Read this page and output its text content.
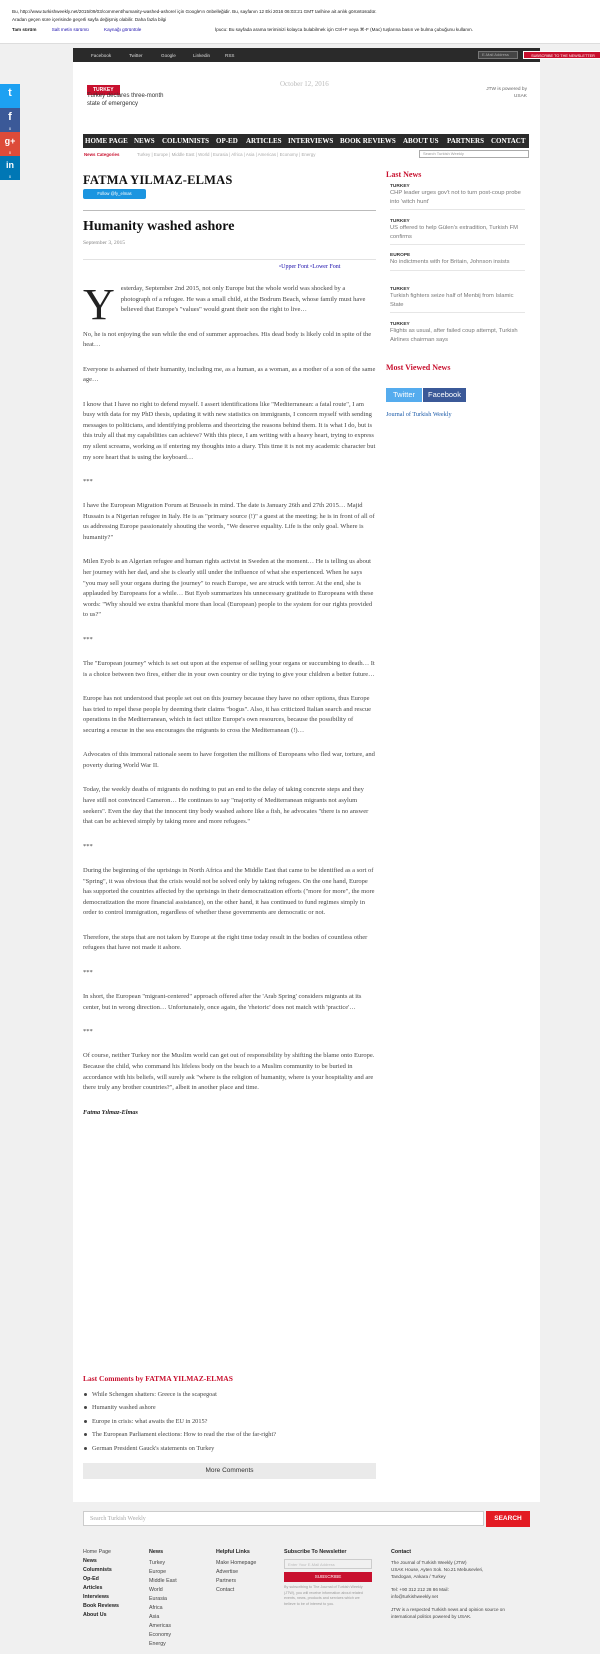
Bu, http://www.turkishweekly.net/2015/09/03/comment/humanity-washed-ashore/ için Google'ın önbelleğidir. Bu, sayfanın 12 Eki 2016 06:03:21 GMT tarihine ait anlık görüntüsüdür.
Aradan geçen süre içerisinde geçerli sayfa değişmiş olabilir. Daha fazla bilgi
Tam sürüm	Salt metin sürümü	Kaynağı görüntüle	İpucu: Bu sayfada arama teriminizi kolayca bulabilmek için Ctrl+F veya ⌘-F (Mac) tuşlarına basın ve bulma çubuğunu kullanın.
Facebook	Twitter	Google	Linkedin	RSS	E-Mail Address	SUBSCRIBE TO THE NEWSLETTER
t
f
0
g+
0
in
0
TURKEY
Turkey declares three-month state of emergency
October 12, 2016
JTW is powered by USAK
HOME PAGE NEWS COLUMNISTS OP-ED ARTICLES INTERVIEWS BOOK REVIEWS ABOUT US PARTNERS CONTACT
News Categories	Turkey | Europe | Middle East | World | Eurasia | Africa | Asia | Americas | Economy | Energy	Search Turkish Weekly
FATMA YILMAZ-ELMAS
Follow @fy_elmas
Humanity washed ashore
September 3, 2015
▫Upper Font ▫Lower Font

Yesterday, September 2nd 2015, not only Europe but the whole world was shocked by a photograph of a refugee. He was a small child, at the Bodrum Beach, whose family must have believed that Europe's "values" would grant their son the right to live…

No, he is not enjoying the sun while the end of summer approaches. His dead body is likely cold in spite of the heat…

Everyone is ashamed of their humanity, including me, as a human, as a woman, as a mother of a son of the same age…

I know that I have no right to defend myself. I assert identifications like "Mediterranean: a fatal route", I am busy with data for my PhD thesis, updating it with new statistics on immigrants, I concern myself with sending messages to politicians, and identifying problems and theorizing the reasons behind them. It is what I do, but is this truly all that my capabilities can achieve? With this piece, I am writing with a heavy heart, trying to express my silent screams, working as if entering my thoughts into a diary. This time it is not my academic character but my sore heart that is using the keyboard…

***

I have the European Migration Forum at Brussels in mind. The date is January 26th and 27th 2015… Majid Hussain is a Nigerian refugee in Italy. He is as "primary source (!)" a guest at the meeting; he is in front of all of us addressing Europe passionately shouting the words, "We deserve equality. Life is the only goal. Where is humanity?"

Milen Eyob is an Algerian refugee and human rights activist in Sweden at the moment… He is telling us about her journey with her dad, and she is clearly still under the influence of what she experienced. When he says "you may sell your organs during the journey" to reach Europe, we are struck with terror. At the end, she is applauded by Europeans for a while… But Eyob summarizes his unnecessary gratitude to Europeans with these words: "Why should we extra thankful more than local (European) people to the system for our rights provided to us?"

***

The "European journey" which is set out upon at the expense of selling your organs or succumbing to death… It is a choice between two fires, either die in your own country or die trying to give your children a better future…

Europe has not understood that people set out on this journey because they have no other options, thus Europe has tried to repel these people by deeming their claims "bogus". Also, it has criticized Italian search and rescue operations in the Mediterranean, which in fact utilize Europe's own resources, because the possibility of securing a rescue in the sea encourages the migrants to cross the Mediterranean (!)…

Advocates of this immoral rationale seem to have forgotten the millions of Europeans who fled war, torture, and poverty during World War II.

Today, the weekly deaths of migrants do nothing to put an end to the delay of taking concrete steps and they have still not convinced Cameron… He continues to say "majority of Mediterranean migrants not asylum seekers". Even the day that the innocent tiny body washed ashore like a fish, he advocates "there is no answer that can be achieved simply by taking more and more refugees."

***

During the beginning of the uprisings in North Africa and the Middle East that came to be identified as a sort of "Spring", it was obvious that the crisis would not be solved only by taking refugees. On the one hand, Europe has supported the countries affected by the uprisings in their democratization efforts ("more for more", the more democratization the more financial assistance), on the other hand, it has continued to fund regimes simply in order to control immigration, regardless of whether these governments are democratic or not.

Therefore, the steps that are not taken by Europe at the right time today result in the bodies of countless other refugees that have not made it ashore.

***

In short, the European "migrant-centered" approach offered after the 'Arab Spring' considers migrants at its center, but in wrong direction… Unfortunately, once again, the 'rhetoric' does not match with 'practice'…

***

Of course, neither Turkey nor the Muslim world can get out of responsibility by shifting the blame onto Europe. Because the child, who command his lifeless body on the beach to a Muslim community to be buried in accordance with his beliefs, will surely ask "where is the religion of humanity, where is your hospitality and are there truly any brother countries?", albeit in another place and time.

Fatma Yılmaz-Elmas

Last Comments by FATMA YILMAZ-ELMAS
While Schengen shatters: Greece is the scapegoat
Humanity washed ashore
Europe in crisis: what awaits the EU in 2015?
The European Parliament elections: How to read the rise of the far-right?
German President Gauck's statements on Turkey
More Comments
Last News
TURKEY
CHP leader urges gov't not to turn post-coup probe into 'witch hunt'
TURKEY
US offered to help Gülen's extradition, Turkish FM confirms
EUROPE
No indictments with for Britain, Johnson insists
TURKEY
Turkish fighters seize half of Menbij from Islamic State
TURKEY
Flights as usual, after failed coup attempt, Turkish Airlines chairman says
Most Viewed News
Twitter	Facebook
Journal of Turkish Weekly
Search Turkish Weekly	SEARCH
Home Page
News
Columnists
Op-Ed
Articles
Interviews
Book Reviews
About Us
News
Turkey
Europe
Middle East
World
Eurasia
Africa
Asia
Americas
Economy
Energy
Helpful Links
Make Homepage
Advertise
Partners
Contact
Subscribe To Newsletter
Enter Your E-Mail Address
SUBSCRIBE
By subscribing to The Journal of Turkish Weekly (JTW), you will receive information about related events, news, products and services which we believe to be of interest to you.
Contact
The Journal of Turkish Weekly (JTW)
USAK House, Ayten Sok. No.21 Mebusevleri,
Tandogan, Ankara / Turkey
Tel: +90 312 212 28 86 Mail:
info@turkishweekly.net
JTW is a respected Turkish news and opinion source on international politics powered by USAK.
